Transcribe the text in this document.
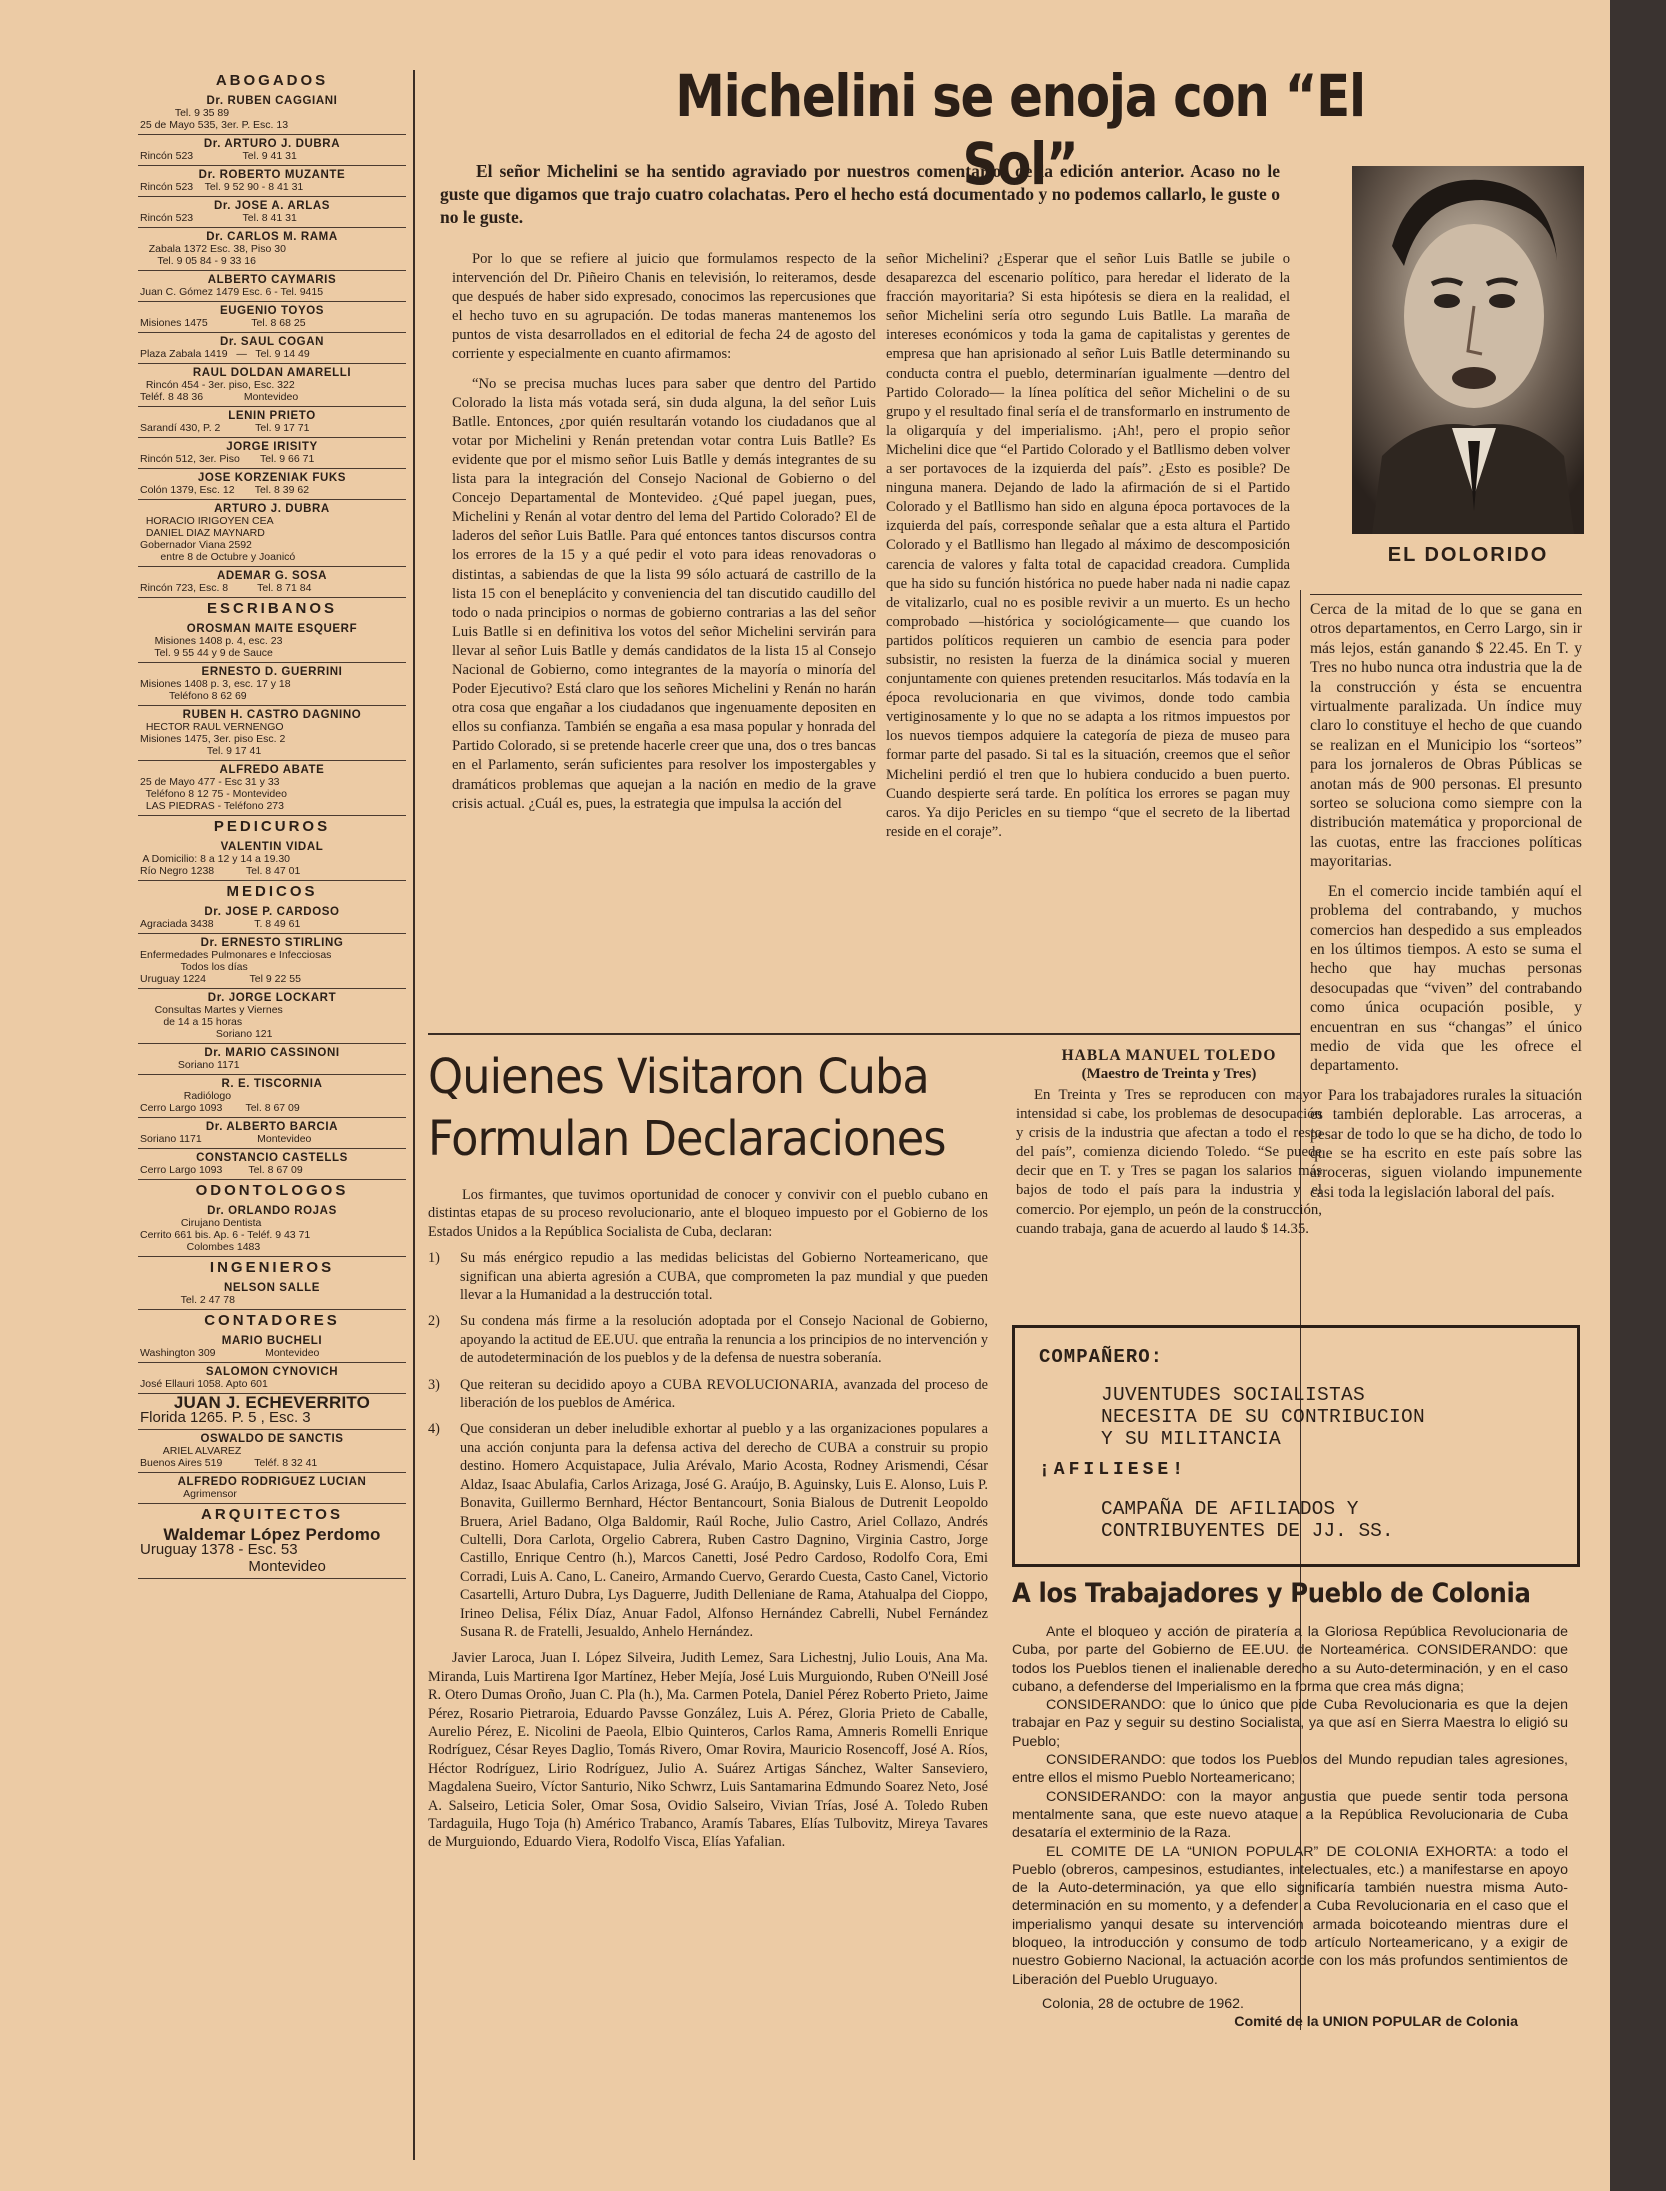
ABOGADOS
Dr. RUBEN CAGGIANI
Tel. 9 35 89
25 de Mayo 535, 3er. P. Esc. 13
Dr. ARTURO J. DUBRA
Rincón 523                 Tel. 9 41 31
Dr. ROBERTO MUZANTE
Rincón 523    Tel. 9 52 90 - 8 41 31
Dr. JOSE A. ARLAS
Rincón 523                 Tel. 8 41 31
Dr. CARLOS M. RAMA
Zabala 1372 Esc. 38, Piso 30
Tel. 9 05 84 - 9 33 16
ALBERTO CAYMARIS
Juan C. Gómez 1479 Esc. 6 - Tel. 9415
EUGENIO TOYOS
Misiones 1475               Tel. 8 68 25
Dr. SAUL COGAN
Plaza Zabala 1419   —   Tel. 9 14 49
RAUL DOLDAN AMARELLI
Rincón 454 - 3er. piso, Esc. 322
Teléf. 8 48 36              Montevideo
LENIN PRIETO
Sarandí 430, P. 2            Tel. 9 17 71
JORGE IRISITY
Rincón 512, 3er. Piso       Tel. 9 66 71
JOSE KORZENIAK FUKS
Colón 1379, Esc. 12       Tel. 8 39 62
ARTURO J. DUBRA
HORACIO IRIGOYEN CEA
DANIEL DIAZ MAYNARD
Gobernador Viana 2592
entre 8 de Octubre y Joanicó
ADEMAR G. SOSA
Rincón 723, Esc. 8          Tel. 8 71 84
ESCRIBANOS
OROSMAN MAITE ESQUERF
Misiones 1408 p. 4, esc. 23
Tel. 9 55 44 y 9 de Sauce
ERNESTO D. GUERRINI
Misiones 1408 p. 3, esc. 17 y 18
Teléfono 8 62 69
RUBEN H. CASTRO DAGNINO
HECTOR RAUL VERNENGO
Misiones 1475, 3er. piso Esc. 2
Tel. 9 17 41
ALFREDO ABATE
25 de Mayo 477 - Esc 31 y 33
Teléfono 8 12 75 - Montevideo
LAS PIEDRAS - Teléfono 273
PEDICUROS
VALENTIN VIDAL
A Domicilio: 8 a 12 y 14 a 19.30
Río Negro 1238           Tel. 8 47 01
MEDICOS
Dr. JOSE P. CARDOSO
Agraciada 3438              T. 8 49 61
Dr. ERNESTO STIRLING
Enfermedades Pulmonares e Infecciosas
Todos los días
Uruguay 1224               Tel 9 22 55
Dr. JORGE LOCKART
Consultas Martes y Viernes
de 14 a 15 horas
Soriano 121
Dr. MARIO CASSINONI
Soriano 1171
R. E. TISCORNIA
Radiólogo
Cerro Largo 1093        Tel. 8 67 09
Dr. ALBERTO BARCIA
Soriano 1171                   Montevideo
CONSTANCIO CASTELLS
Cerro Largo 1093         Tel. 8 67 09
ODONTOLOGOS
Dr. ORLANDO ROJAS
Cirujano Dentista
Cerrito 661 bis. Ap. 6 - Teléf. 9 43 71
Colombes 1483
INGENIEROS
NELSON SALLE
Tel. 2 47 78
CONTADORES
MARIO BUCHELI
Washington 309                 Montevideo
SALOMON CYNOVICH
José Ellauri 1058. Apto 601
JUAN J. ECHEVERRITO
Florida 1265. P. 5 , Esc. 3
OSWALDO DE SANCTIS
ARIEL ALVAREZ
Buenos Aires 519           Teléf. 8 32 41
ALFREDO RODRIGUEZ LUCIAN
Agrimensor
ARQUITECTOS
Waldemar López Perdomo
Uruguay 1378 - Esc. 53
Montevideo
Michelini se enoja con “El Sol”
El señor Michelini se ha sentido agraviado por nuestros comentarios de la edición anterior. Acaso no le guste que digamos que trajo cuatro colachatas. Pero el hecho está documentado y no podemos callarlo, le guste o no le guste.

Por lo que se refiere al juicio que formulamos respecto de la intervención del Dr. Piñeiro Chanis en televisión, lo reiteramos, desde que después de haber sido expresado, conocimos las repercusiones que el hecho tuvo en su agrupación. De todas maneras mantenemos los puntos de vista desarrollados en el editorial de fecha 24 de agosto del corriente y especialmente en cuanto afirmamos:

“No se precisa muchas luces para saber que dentro del Partido Colorado la lista más votada será, sin duda alguna, la del señor Luis Batlle. Entonces, ¿por quién resultarán votando los ciudadanos que al votar por Michelini y Renán pretendan votar contra Luis Batlle? Es evidente que por el mismo señor Luis Batlle y demás integrantes de su lista para la integración del Consejo Nacional de Gobierno o del Concejo Departamental de Montevideo. ¿Qué papel juegan, pues, Michelini y Renán al votar dentro del lema del Partido Colorado? El de laderos del señor Luis Batlle. Para qué entonces tantos discursos contra los errores de la 15 y a qué pedir el voto para ideas renovadoras o distintas, a sabiendas de que la lista 99 sólo actuará de castrillo de la lista 15 con el beneplácito y conveniencia del tan discutido caudillo del todo o nada principios o normas de gobierno contrarias a las del señor Luis Batlle si en definitiva los votos del señor Michelini servirán para llevar al señor Luis Batlle y demás candidatos de la lista 15 al Consejo Nacional de Gobierno, como integrantes de la mayoría o minoría del Poder Ejecutivo? Está claro que los señores Michelini y Renán no harán otra cosa que engañar a los ciudadanos que ingenuamente depositen en ellos su confianza. También se engaña a esa masa popular y honrada del Partido Colorado, si se pretende hacerle creer que una, dos o tres bancas en el Parlamento, serán suficientes para resolver los impostergables y dramáticos problemas que aquejan a la nación en medio de la grave crisis actual. ¿Cuál es, pues, la estrategia que impulsa la acción del

señor Michelini? ¿Esperar que el señor Luis Batlle se jubile o desaparezca del escenario político, para heredar el liderato de la fracción mayoritaria? Si esta hipótesis se diera en la realidad, el señor Michelini sería otro segundo Luis Batlle. La maraña de intereses económicos y toda la gama de capitalistas y gerentes de empresa que han aprisionado al señor Luis Batlle determinando su conducta contra el pueblo, determinarían igualmente —dentro del Partido Colorado— la línea política del señor Michelini o de su grupo y el resultado final sería el de transformarlo en instrumento de la oligarquía y del imperialismo. ¡Ah!, pero el propio señor Michelini dice que “el Partido Colorado y el Batllismo deben volver a ser portavoces de la izquierda del país”. ¿Esto es posible? De ninguna manera. Dejando de lado la afirmación de si el Partido Colorado y el Batllismo han sido en alguna época portavoces de la izquierda del país, corresponde señalar que a esta altura el Partido Colorado y el Batllismo han llegado al máximo de descomposición carencia de valores y falta total de capacidad creadora. Cumplida que ha sido su función histórica no puede haber nada ni nadie capaz de vitalizarlo, cual no es posible revivir a un muerto. Es un hecho comprobado —histórica y sociológicamente— que cuando los partidos políticos requieren un cambio de esencia para poder subsistir, no resisten la fuerza de la dinámica social y mueren conjuntamente con quienes pretenden resucitarlos. Más todavía en la época revolucionaria en que vivimos, donde todo cambia vertiginosamente y lo que no se adapta a los ritmos impuestos por los nuevos tiempos adquiere la categoría de pieza de museo para formar parte del pasado. Si tal es la situación, creemos que el señor Michelini perdió el tren que lo hubiera conducido a buen puerto. Cuando despierte será tarde. En política los errores se pagan muy caros. Ya dijo Pericles en su tiempo “que el secreto de la libertad reside en el coraje”.

EL DOLORIDO

Cerca de la mitad de lo que se gana en otros departamentos, en Cerro Largo, sin ir más lejos, están ganando $ 22.45. En T. y Tres no hubo nunca otra industria que la de la construcción y ésta se encuentra virtualmente paralizada. Un índice muy claro lo constituye el hecho de que cuando se realizan en el Municipio los “sorteos” para los jornaleros de Obras Públicas se anotan más de 900 personas. El presunto sorteo se soluciona como siempre con la distribución matemática y proporcional de las cuotas, entre las fracciones políticas mayoritarias.

En el comercio incide también aquí el problema del contrabando, y muchos comercios han despedido a sus empleados en los últimos tiempos. A esto se suma el hecho que hay muchas personas desocupadas que “viven” del contrabando como única ocupación posible, y encuentran en sus “changas” el único medio de vida que les ofrece el departamento.

Para los trabajadores rurales la situación es también deplorable. Las arroceras, a pesar de todo lo que se ha dicho, de todo lo que se ha escrito en este país sobre las arroceras, siguen violando impunemente casi toda la legislación laboral del país.

Quienes Visitaron Cuba
Formulan Declaraciones

Los firmantes, que tuvimos oportunidad de conocer y convivir con el pueblo cubano en distintas etapas de su proceso revolucionario, ante el bloqueo impuesto por el Gobierno de los Estados Unidos a la República Socialista de Cuba, declaran:

1) Su más enérgico repudio a las medidas belicistas del Gobierno Norteamericano, que significan una abierta agresión a CUBA, que comprometen la paz mundial y que pueden llevar a la Humanidad a la destrucción total.
2) Su condena más firme a la resolución adoptada por el Consejo Nacional de Gobierno, apoyando la actitud de EE.UU. que entraña la renuncia a los principios de no intervención y de autodeterminación de los pueblos y de la defensa de nuestra soberanía.
3) Que reiteran su decidido apoyo a CUBA REVOLUCIONARIA, avanzada del proceso de liberación de los pueblos de América.
4) Que consideran un deber ineludible exhortar al pueblo y a las organizaciones populares a una acción conjunta para la defensa activa del derecho de CUBA a construir su propio destino. Homero Acquistapace, Julia Arévalo, Mario Acosta, Rodney Arismendi, César Aldaz, Isaac Abulafia, Carlos Arizaga, José G. Araújo, B. Aguinsky, Luis E. Alonso, Luis P. Bonavita, Guillermo Bernhard, Héctor Bentancourt, Sonia Bialous de Dutrenit Leopoldo Bruera, Ariel Badano, Olga Baldomir, Raúl Roche, Julio Castro, Ariel Collazo, Andrés Cultelli, Dora Carlota, Orgelio Cabrera, Ruben Castro Dagnino, Virginia Castro, Jorge Castillo, Enrique Centro (h.), Marcos Canetti, José Pedro Cardoso, Rodolfo Cora, Emi Corradi, Luis A. Cano, L. Caneiro, Armando Cuervo, Gerardo Cuesta, Casto Canel, Victorio Casartelli, Arturo Dubra, Lys Daguerre, Judith Delleniane de Rama, Atahualpa del Cioppo, Irineo Delisa, Félix Díaz, Anuar Fadol, Alfonso Hernández Cabrelli, Nubel Fernández Susana R. de Fratelli, Jesualdo, Anhelo Hernández.

Javier Laroca, Juan I. López Silveira, Judith Lemez, Sara Lichestnj, Julio Louis, Ana Ma. Miranda, Luis Martirena Igor Martínez, Heber Mejía, José Luis Murguiondo, Ruben O'Neill José R. Otero Dumas Oroño, Juan C. Pla (h.), Ma. Carmen Potela, Daniel Pérez Roberto Prieto, Jaime Pérez, Rosario Pietraroia, Eduardo Pavsse González, Luis A. Pérez, Gloria Prieto de Caballe, Aurelio Pérez, E. Nicolini de Paeola, Elbio Quinteros, Carlos Rama, Amneris Romelli Enrique Rodríguez, César Reyes Daglio, Tomás Rivero, Omar Rovira, Mauricio Rosencoff, José A. Ríos, Héctor Rodríguez, Lirio Rodríguez, Julio A. Suárez Artigas Sánchez, Walter Sanseviero, Magdalena Sueiro, Víctor Santurio, Niko Schwrz, Luis Santamarina Edmundo Soarez Neto, José A. Salseiro, Leticia Soler, Omar Sosa, Ovidio Salseiro, Vivian Trías, José A. Toledo Ruben Tardaguila, Hugo Toja (h) Américo Trabanco, Aramís Tabares, Elías Tulbovitz, Mireya Tavares de Murguiondo, Eduardo Viera, Rodolfo Visca, Elías Yafalian.

HABLA MANUEL TOLEDO
(Maestro de Treinta y Tres)

En Treinta y Tres se reproducen con mayor intensidad si cabe, los problemas de desocupación y crisis de la industria que afectan a todo el resto del país”, comienza diciendo Toledo. “Se puede decir que en T. y Tres se pagan los salarios más bajos de todo el país para la industria y el comercio. Por ejemplo, un peón de la construcción, cuando trabaja, gana de acuerdo al laudo $ 14.35.

COMPAÑERO:
JUVENTUDES SOCIALISTAS
NECESITA DE SU CONTRIBUCION
Y SU MILITANCIA
¡AFILIESE!
CAMPAÑA DE AFILIADOS Y
CONTRIBUYENTES DE JJ. SS.
A los Trabajadores y Pueblo de Colonia

Ante el bloqueo y acción de piratería a la Gloriosa República Revolucionaria de Cuba, por parte del Gobierno de EE.UU. de Norteamérica. CONSIDERANDO: que todos los Pueblos tienen el inalienable derecho a su Auto-determinación, y en el caso cubano, a defenderse del Imperialismo en la forma que crea más digna;

CONSIDERANDO: que lo único que pide Cuba Revolucionaria es que la dejen trabajar en Paz y seguir su destino Socialista, ya que así en Sierra Maestra lo eligió su Pueblo;

CONSIDERANDO: que todos los Pueblos del Mundo repudian tales agresiones, entre ellos el mismo Pueblo Norteamericano;

CONSIDERANDO: con la mayor angustia que puede sentir toda persona mentalmente sana, que este nuevo ataque a la República Revolucionaria de Cuba desataría el exterminio de la Raza.

EL COMITE DE LA “UNION POPULAR” DE COLONIA EXHORTA: a todo el Pueblo (obreros, campesinos, estudiantes, intelectuales, etc.) a manifestarse en apoyo de la Auto-determinación, ya que ello significaría también nuestra misma Auto-determinación en su momento, y a defender a Cuba Revolucionaria en el caso que el imperialismo yanqui desate su intervención armada boicoteando mientras dure el bloqueo, la introducción y consumo de todo artículo Norteamericano, y a exigir de nuestro Gobierno Nacional, la actuación acorde con los más profundos sentimientos de Liberación del Pueblo Uruguayo.

Colonia, 28 de octubre de 1962.

Comité de la UNION POPULAR de Colonia
